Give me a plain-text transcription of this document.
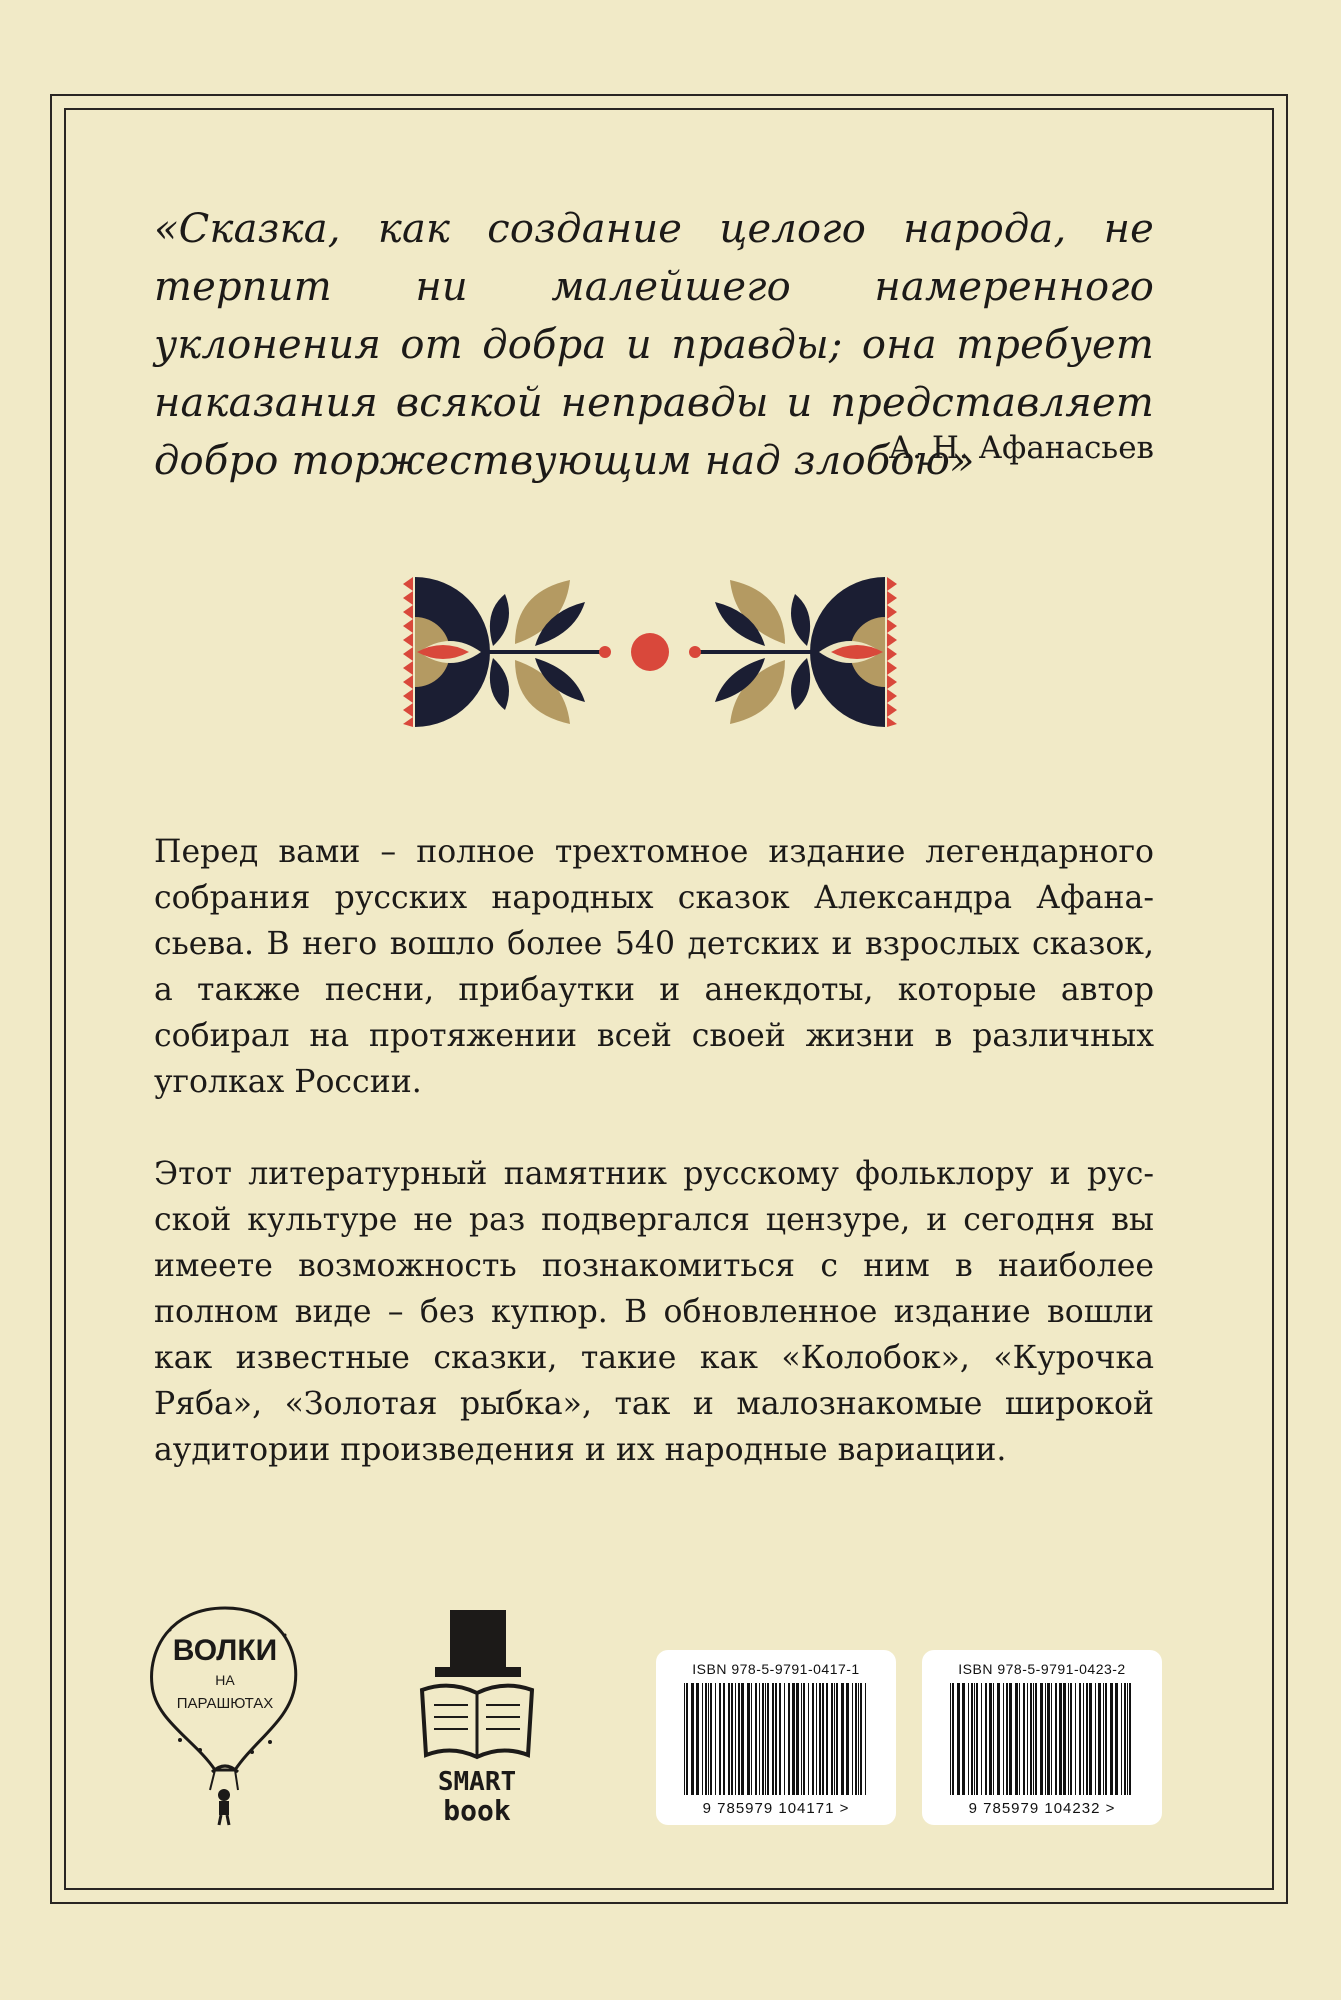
«Сказка, как создание целого народа, не терпит ни малейшего намеренного уклонения от добра и правды; она требует наказания всякой неправды и представляет добро торжествующим над злобою»

А. Н. Афанасьев

Перед вами – полное трехтомное издание легендарного собрания русских народных сказок Александра Афанасьева. В него вошло более 540 детских и взрослых сказок, а также песни, прибаутки и анекдоты, которые автор собирал на протяжении всей своей жизни в различных уголках России.

Этот литературный памятник русскому фольклору и русской культуре не раз подвергался цензуре, и сегодня вы имеете возможность познакомиться с ним в наиболее полном виде – без купюр. В обновленное издание вошли как известные сказки, такие как «Колобок», «Курочка Ряба», «Золотая рыбка», так и малознакомые широкой аудитории произведения и их народные вариации.

ВОЛКИ
НА
ПАРАШЮТАХ
SMART
book
ISBN 978-5-9791-0417-1
9 785979 104171 >
ISBN 978-5-9791-0423-2
9 785979 104232 >
